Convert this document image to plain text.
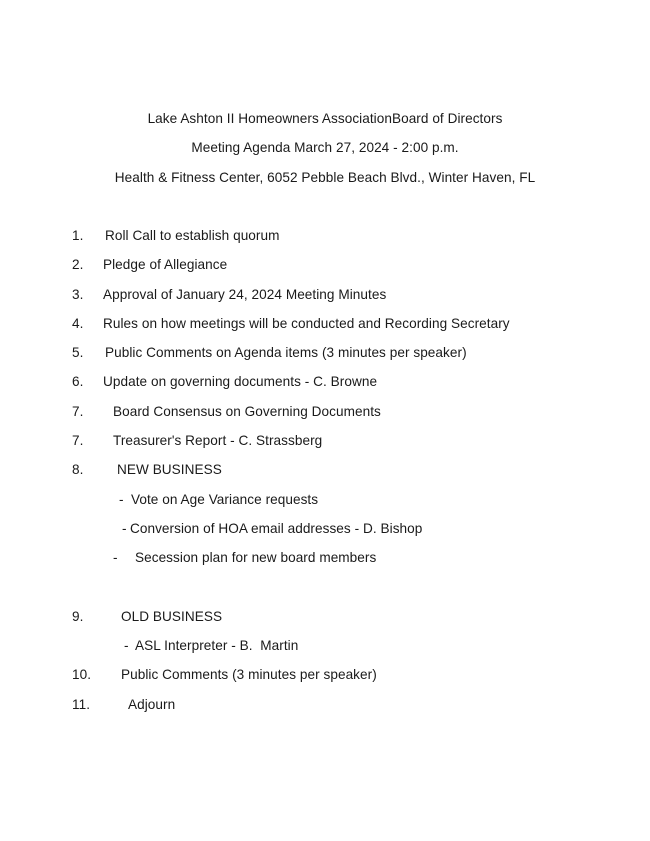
Lake Ashton II Homeowners AssociationBoard of Directors
Meeting Agenda March 27, 2024 - 2:00 p.m.
Health & Fitness Center, 6052 Pebble Beach Blvd., Winter Haven, FL
1. Roll Call to establish quorum
2. Pledge of Allegiance
3. Approval of January 24, 2024 Meeting Minutes
4. Rules on how meetings will be conducted and Recording Secretary
5. Public Comments on Agenda items (3 minutes per speaker)
6. Update on governing documents - C. Browne
7. Board Consensus on Governing Documents
7. Treasurer's Report - C. Strassberg
8. NEW BUSINESS
- Vote on Age Variance requests
- Conversion of HOA email addresses - D. Bishop
- Secession plan for new board members
9.	OLD BUSINESS
- ASL Interpreter - B.  Martin
10. Public Comments (3 minutes per speaker)
11.	Adjourn
